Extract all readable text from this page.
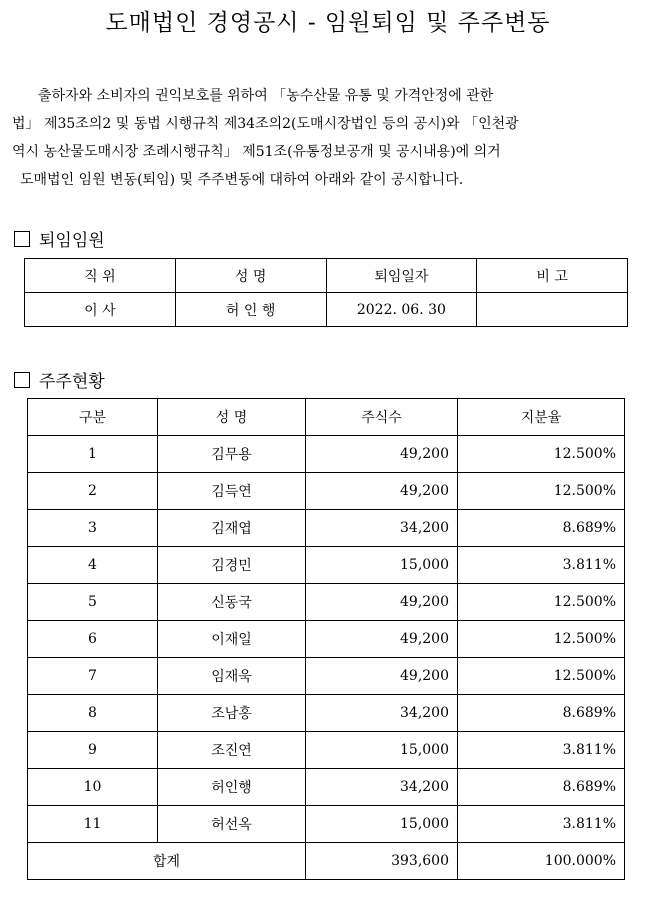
도매법인 경영공시 - 임원퇴임 및 주주변동
출하자와 소비자의 권익보호를 위하여 「농수산물 유통 및 가격안정에 관한
법」 제35조의2 및 동법 시행규칙 제34조의2(도매시장법인 등의 공시)와 「인천광
역시 농산물도매시장 조례시행규칙」 제51조(유통정보공개 및 공시내용)에 의거
도매법인 임원 변동(퇴임) 및 주주변동에 대하여 아래와 같이 공시합니다.
퇴임임원
직 위	성 명	퇴임일자	비 고
이 사	허 인 행	2022. 06. 30	
주주현황
구분	성 명	주식수	지분율
1	김무용	49,200	12.500%
2	김득연	49,200	12.500%
3	김재엽	34,200	8.689%
4	김경민	15,000	3.811%
5	신동국	49,200	12.500%
6	이재일	49,200	12.500%
7	임재욱	49,200	12.500%
8	조남홍	34,200	8.689%
9	조진연	15,000	3.811%
10	허인행	34,200	8.689%
11	허선옥	15,000	3.811%
합계		393,600	100.000%
